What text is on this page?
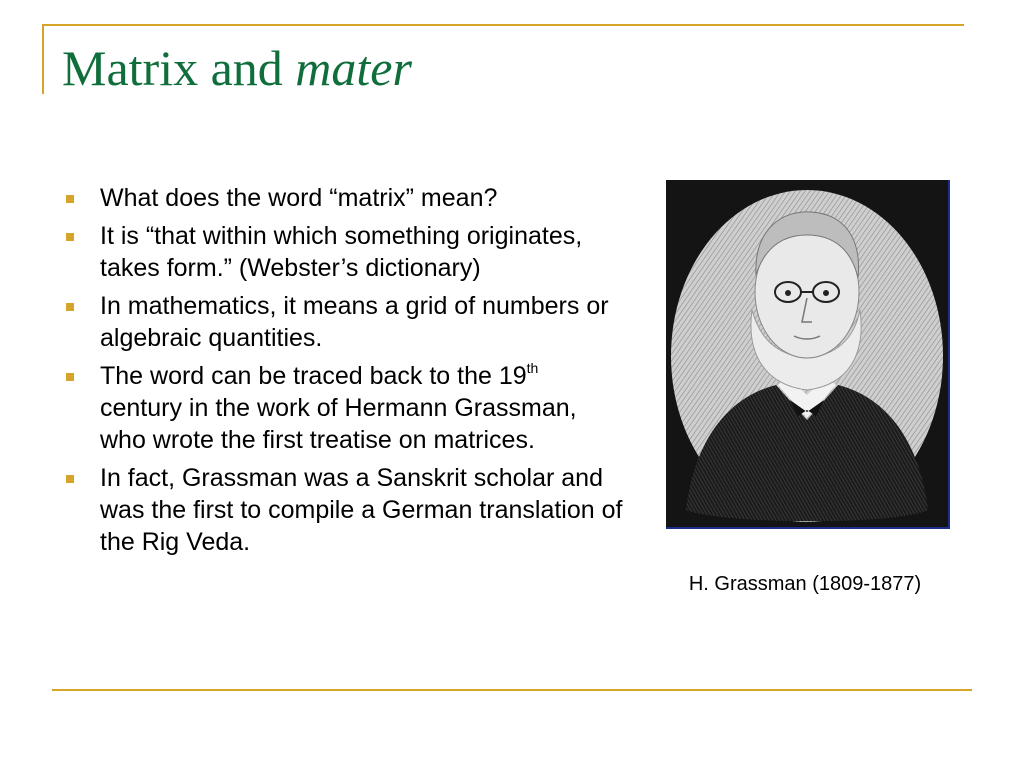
Matrix and mater
What does the word “matrix” mean?
It is “that within which something originates, takes form.” (Webster’s dictionary)
In mathematics, it means a grid of numbers or algebraic quantities.
The word can be traced back to the 19th century in the work of Hermann Grassman, who wrote the first treatise on matrices.
In fact, Grassman was a Sanskrit scholar and was the first to compile a German translation of the Rig Veda.
H. Grassman (1809-1877)
